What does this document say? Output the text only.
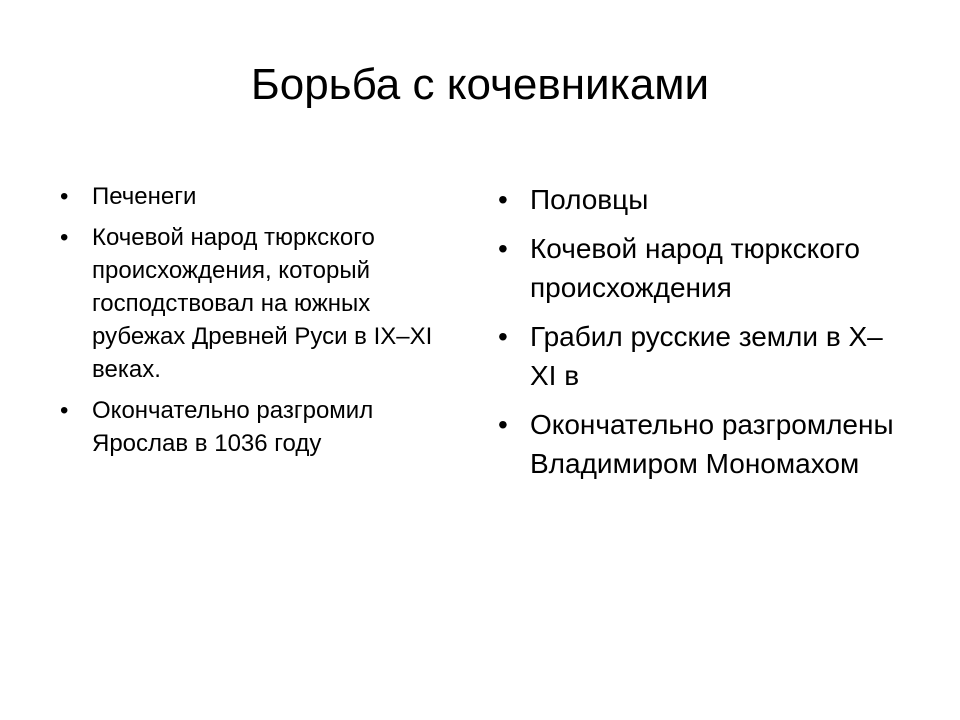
Борьба с кочевниками
• Печенеги
• Кочевой народ тюркского происхождения, который господствовал на южных рубежах Древней Руси в IX–XI веках.
• Окончательно разгромил Ярослав в 1036 году
• Половцы
• Кочевой народ тюркского происхождения
• Грабил русские земли в X–XI в
• Окончательно разгромлены Владимиром Мономахом
